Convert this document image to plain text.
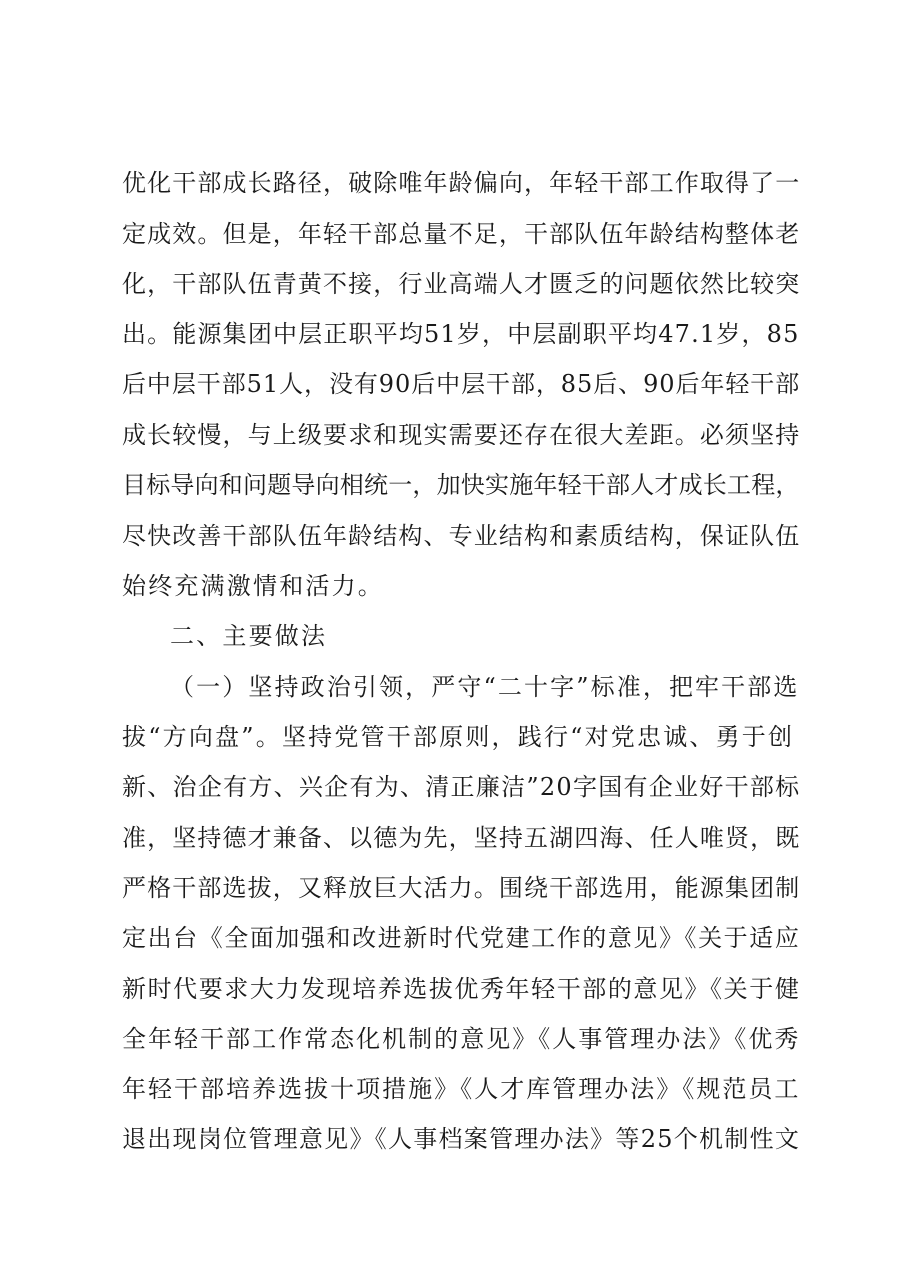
优化干部成长路径，破除唯年龄偏向，年轻干部工作取得了一
定成效。但是，年轻干部总量不足，干部队伍年龄结构整体老
化，干部队伍青黄不接，行业高端人才匮乏的问题依然比较突
出。能源集团中层正职平均51岁，中层副职平均47.1岁，85
后中层干部51人，没有90后中层干部，85后、90后年轻干部
成长较慢，与上级要求和现实需要还存在很大差距。必须坚持
目标导向和问题导向相统一，加快实施年轻干部人才成长工程，
尽快改善干部队伍年龄结构、专业结构和素质结构，保证队伍
始终充满激情和活力。
二、主要做法
（一）坚持政治引领，严守“二十字”标准，把牢干部选
拔“方向盘”。坚持党管干部原则，践行“对党忠诚、勇于创
新、治企有方、兴企有为、清正廉洁”20字国有企业好干部标
准，坚持德才兼备、以德为先，坚持五湖四海、任人唯贤，既
严格干部选拔，又释放巨大活力。围绕干部选用，能源集团制
定出台《全面加强和改进新时代党建工作的意见》《关于适应
新时代要求大力发现培养选拔优秀年轻干部的意见》《关于健
全年轻干部工作常态化机制的意见》《人事管理办法》《优秀
年轻干部培养选拔十项措施》《人才库管理办法》《规范员工
退出现岗位管理意见》《人事档案管理办法》等25个机制性文
